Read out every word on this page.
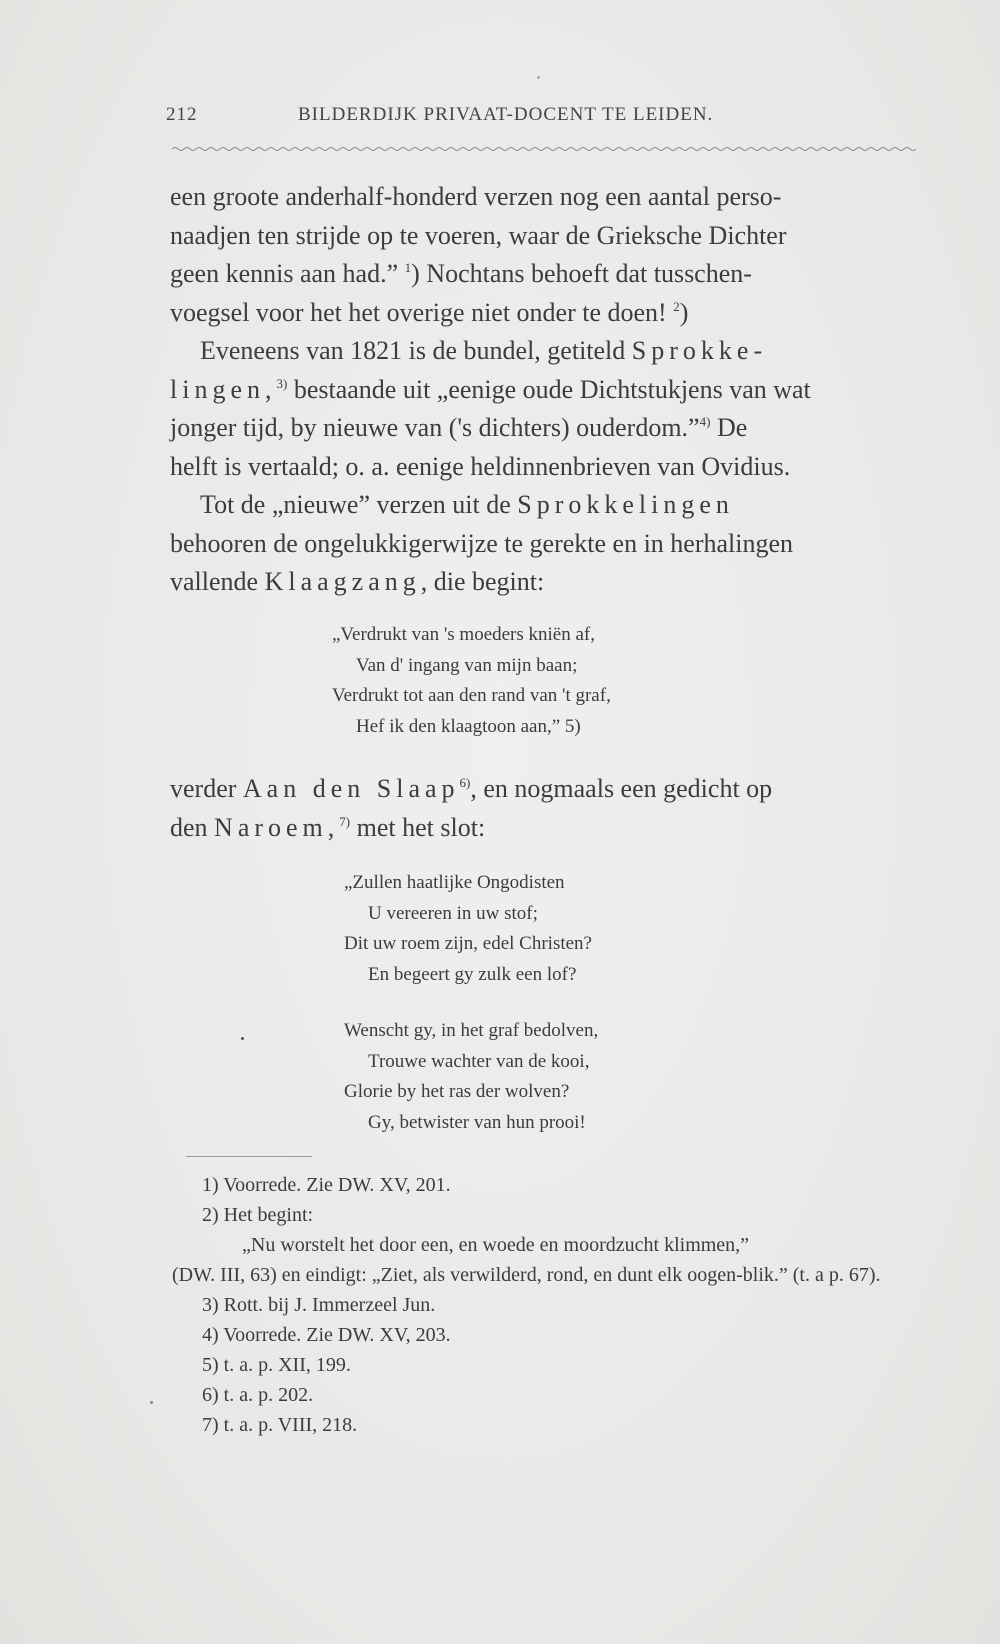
212	BILDERDIJK PRIVAAT-DOCENT TE LEIDEN.

een groote anderhalf-honderd verzen nog een aantal perso-
naadjen ten strijde op te voeren, waar de Grieksche Dichter
geen kennis aan had.” $^1$) Nochtans behoeft dat tusschen-
voegsel voor het het overige niet onder te doen! $^2$)

Eveneens van 1821 is de bundel, getiteld Sprokke-
lingen,$^{3)}$ bestaande uit „eenige oude Dichtstukjens van wat
jonger tijd, by nieuwe van ('s dichters) ouderdom.”$^{4)}$ De
helft is vertaald; o. a. eenige heldinnenbrieven van Ovidius.

Tot de „nieuwe” verzen uit de Sprokkelingen
behooren de ongelukkigerwijze te gerekte en in herhalingen
vallende Klaagzang, die begint:

„Verdrukt van 's moeders kniën af,
Van d' ingang van mijn baan;
Verdrukt tot aan den rand van 't graf,
Hef ik den klaagtoon aan,” 5)

verder Aan den Slaap$^{6)}$, en nogmaals een gedicht op
den Naroem,$^{7)}$ met het slot:

„Zullen haatlijke Ongodisten
U vereeren in uw stof;
Dit uw roem zijn, edel Christen?
En begeert gy zulk een lof?
Wenscht gy, in het graf bedolven,
Trouwe wachter van de kooi,
Glorie by het ras der wolven?
Gy, betwister van hun prooi!
1) Voorrede. Zie DW. XV, 201.
2) Het begint:
„Nu worstelt het door een, en woede en moordzucht klimmen,”
(DW. III, 63) en eindigt: „Ziet, als verwilderd, rond, en dunt elk oogen-blik.” (t. a p. 67).
3) Rott. bij J. Immerzeel Jun.
4) Voorrede. Zie DW. XV, 203.
5) t. a. p. XII, 199.
6) t. a. p. 202.
7) t. a. p. VIII, 218.
